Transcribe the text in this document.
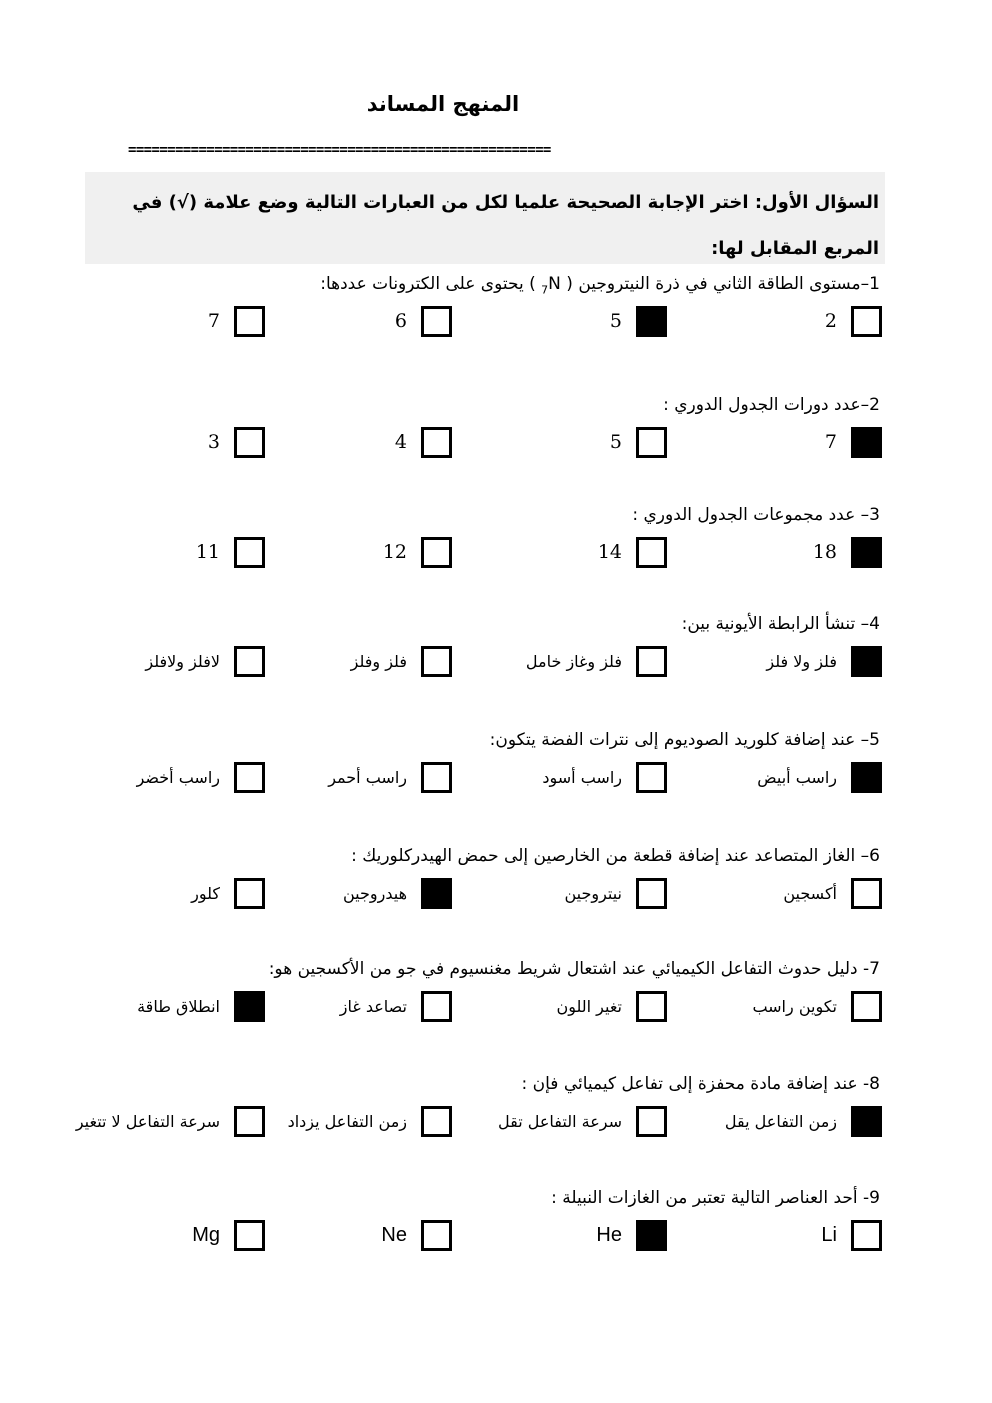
المنهج المساند
======================================================
السؤال الأول: اختر الإجابة الصحيحة علميا لكل من العبارات التالية وضع علامة (√) في المربع المقابل لها:
1–مستوى الطاقة الثاني في ذرة النيتروجين ( $_7$N ) يحتوى على الكترونات عددها:
2
5
6
7
2–عدد دورات الجدول الدوري :
7
5
4
3
3– عدد مجموعات الجدول الدوري :
18
14
12
11
4– تنشأ الرابطة الأيونية بين:
فلز ولا فلز
فلز وغاز خامل
فلز وفلز
لافلز ولافلز
5– عند إضافة كلوريد الصوديوم إلى نترات الفضة يتكون:
راسب أبيض
راسب أسود
راسب أحمر
راسب أخضر
6– الغاز المتصاعد عند إضافة قطعة من الخارصين إلى حمض الهيدركلوريك :
أكسجين
نيتروجين
هيدروجين
كلور
7- دليل حدوث التفاعل الكيميائي عند اشتعال شريط مغنسيوم في جو من الأكسجين هو:
تكوين راسب
تغير اللون
تصاعد غاز
انطلاق طاقة
8- عند إضافة مادة محفزة إلى تفاعل كيميائي فإن :
زمن التفاعل يقل
سرعة التفاعل تقل
زمن التفاعل يزداد
سرعة التفاعل لا تتغير
9- أحد العناصر التالية تعتبر من الغازات النبيلة :
Li
He
Ne
Mg
